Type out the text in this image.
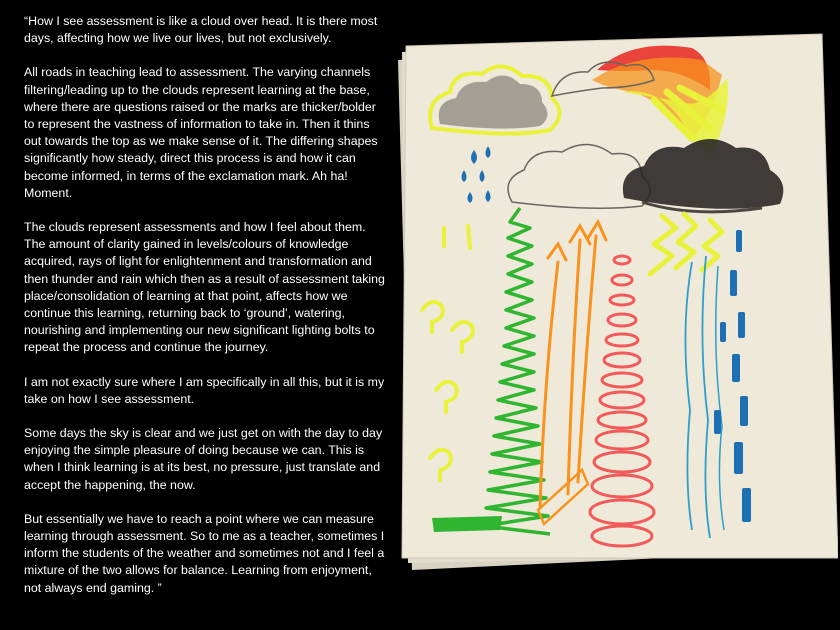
“How I see assessment is like a cloud over head. It is there most days, affecting how we live our lives, but not exclusively.

All roads in teaching lead to assessment. The varying channels filtering/leading up to the clouds represent learning at the base, where there are questions raised or the marks are thicker/bolder to represent the vastness of information to take in. Then it thins out towards the top as we make sense of it. The differing shapes significantly how steady, direct this process is and how it can become informed, in terms of the exclamation mark. Ah ha! Moment.

The clouds represent assessments and how I feel about them. The amount of clarity gained in levels/colours of knowledge acquired, rays of light for enlightenment and transformation and then thunder and rain which then as a result of assessment taking place/consolidation of learning at that point, affects how we continue this learning, returning back to ‘ground’, watering, nourishing and implementing our new significant lighting bolts to repeat the process and continue the journey.

I am not exactly sure where I am specifically in all this, but it is my take on how I see assessment.

Some days the sky is clear and we just get on with the day to day enjoying the simple pleasure of doing because we can. This is when I think learning is at its best, no pressure, just translate and accept the happening, the now.

But essentially we have to reach a point where we can measure learning through assessment. So to me as a teacher, sometimes I inform the students of the weather and sometimes not and I feel a mixture of the two allows for balance. Learning from enjoyment, not always end gaming. ”
